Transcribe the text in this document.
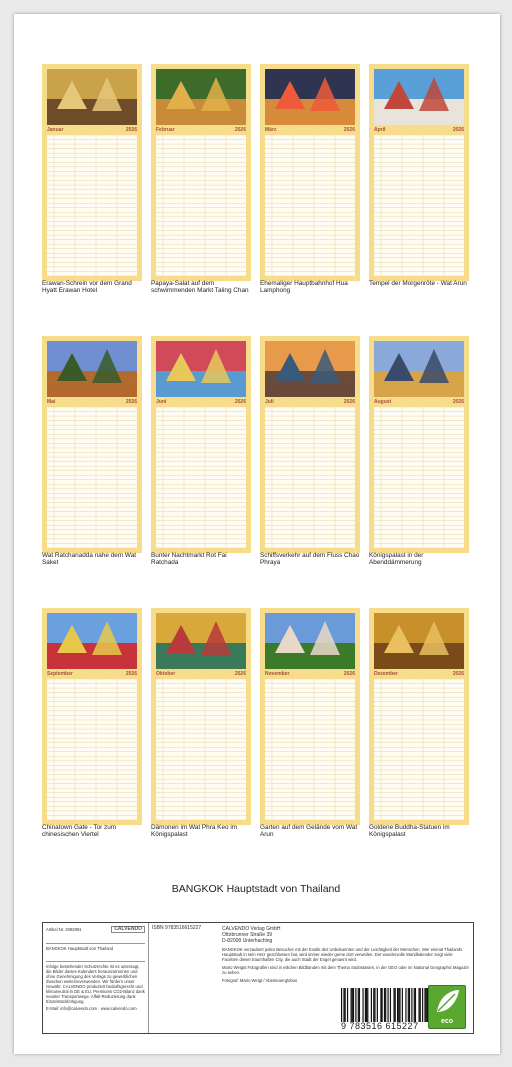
Januar	2026
Erawan-Schrein vor dem Grand Hyatt Erawan Hotel
Februar	2026
Papaya-Salat auf dem schwimmenden Markt Taling Chan
März	2026
Ehemaliger Hauptbahnhof Hua Lamphong
April	2026
Tempel der Morgenröte - Wat Arun
Mai	2026
Wat Ratchanadda nahe dem Wat Saket
Juni	2026
Bunter Nachtmarkt Rot Fai Ratchada
Juli	2026
Schiffsverkehr auf dem Fluss Chao Phraya
August	2026
Königspalast in der Abenddämmerung
September	2026
Chinatown Gate - Tor zum chinesischen Viertel
Oktober	2026
Dämonen im Wat Phra Keo im Königspalast
November	2026
Garten auf dem Gelände vom Wat Arun
Dezember	2026
Goldene Buddha-Statuen im Königspalast
BANGKOK Hauptstadt von Thailand
Artikel Nr. 2082991	CALVENDO
BANGKOK Hauptstadt von Thailand
Infolge bestehender Schutzrechte ist es untersagt, die Bilder dieses Kalenders herauszutrennen und ohne Genehmigung des Verlags zu gewerblichen Zwecken weiterzuverwenden. Wir fördern unser Gewähr. CALVENDO produziert bedarfsgerecht und klimaneutral in DE & EU. Premiums CO2-Bilanz dank neuster Transportwege. Alfalt-Reduzierung dank Einzelstückfertigung.
E-Mail: info@calvendo.com · www.calvendo.com
ISBN 9783516615227	CALVENDO Verlag GmbH
Ottobrunner Straße 39
D-82008 Unterhaching
BANGKOK verzaubert jeden Besucher mit der Exotik des Unbekannten und der Leichtigkeit der Menschen. Wer einmal Thailands Hauptstadt in sein Herz geschlossen hat, wird immer wieder gerne dort verweilen. Der wundervolle Wandkalender zeigt viele Facetten dieser traumhaften City, die auch Stadt der Engel genannt wird.
Mario Weigts Fotografien sind in etlichen Bildbänden mit dem Thema Südostasien, in der GEO oder im National Geographic Magazin zu sehen.
Fotograf: Mario Weigt / Abenteuerglobus
9 783516 615227	eco
